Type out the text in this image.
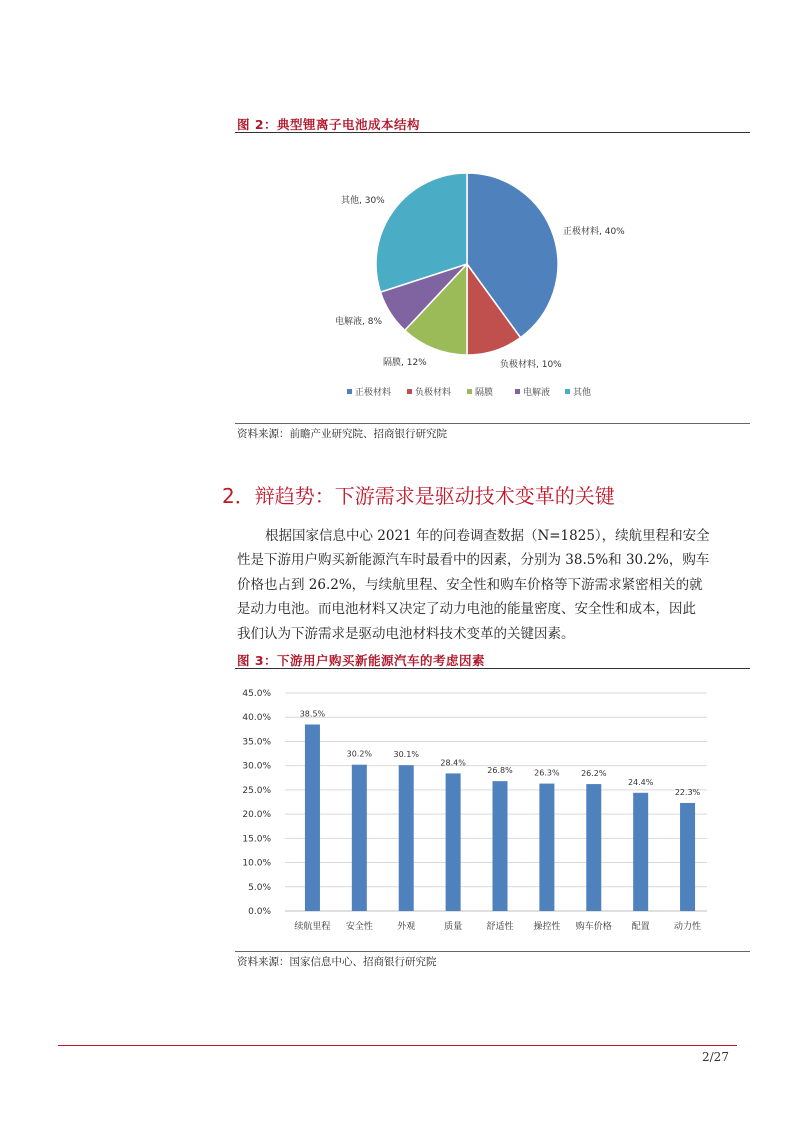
图 2：典型锂离子电池成本结构
正极材料, 40%
负极材料, 10%
隔膜, 12%
电解液, 8%
其他, 30%
正极材料	负极材料	隔膜	电解液	其他
资料来源：前瞻产业研究院、招商银行研究院
2．辩趋势：下游需求是驱动技术变革的关键
根据国家信息中心 2021 年的问卷调查数据（N=1825），续航里程和安全
性是下游用户购买新能源汽车时最看中的因素，分别为 38.5%和 30.2%，购车
价格也占到 26.2%，与续航里程、安全性和购车价格等下游需求紧密相关的就
是动力电池。而电池材料又决定了动力电池的能量密度、安全性和成本，因此
我们认为下游需求是驱动电池材料技术变革的关键因素。
图 3：下游用户购买新能源汽车的考虑因素
0.0%
5.0%
10.0%
15.0%
20.0%
25.0%
30.0%
35.0%
40.0%
45.0%
38.5%
30.2%	30.1%
28.4%
26.8%	26.3%	26.2%
24.4%
22.3%
续航里程 安全性	外观	质量	舒适性 操控性 购车价格 配置	动力性
资料来源：国家信息中心、招商银行研究院
2/27
